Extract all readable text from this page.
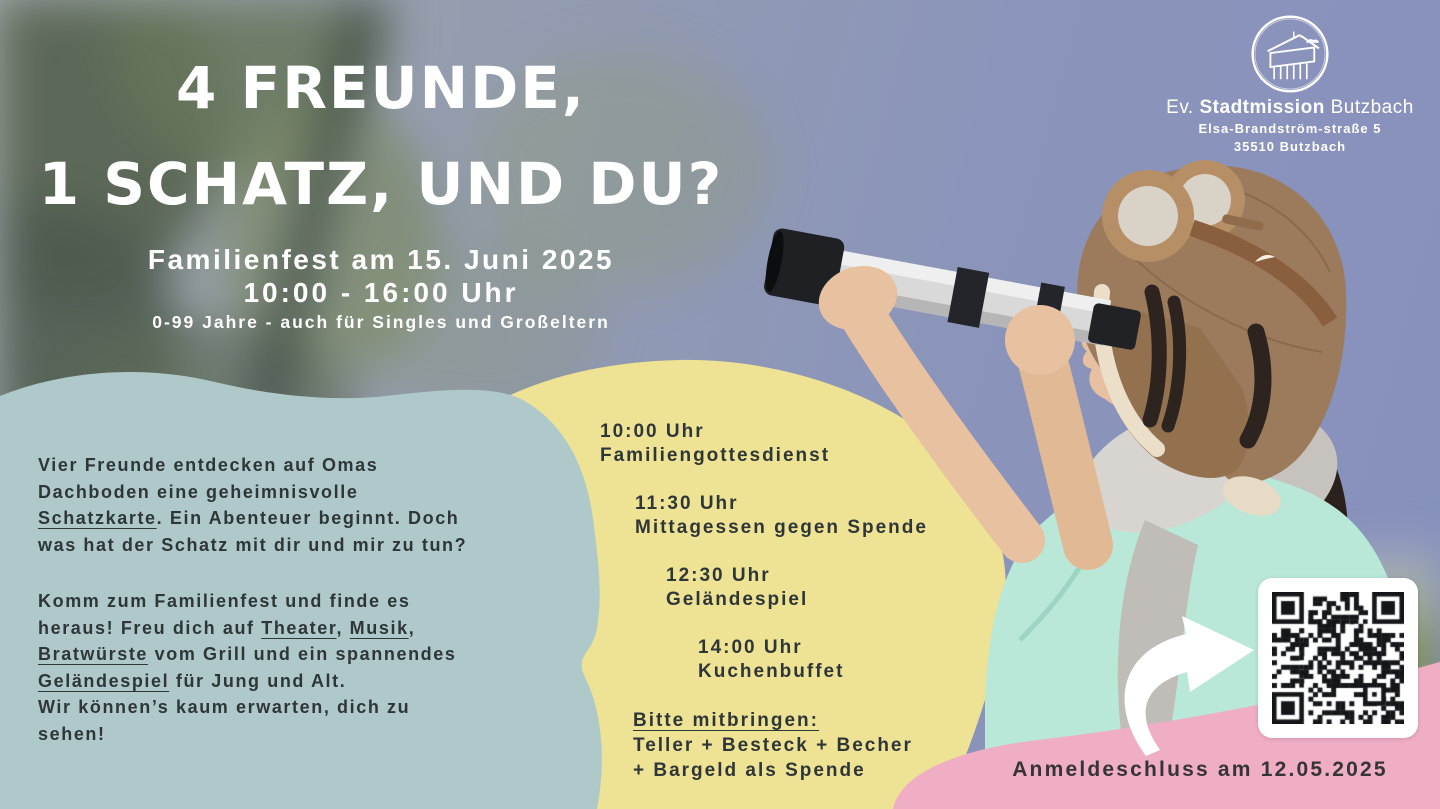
4 FREUNDE,
1 SCHATZ, UND DU?
Familienfest am 15. Juni 2025
10:00 - 16:00 Uhr
0-99 Jahre - auch für Singles und Großeltern
Ev. Stadtmission Butzbach
Elsa-Brandström-straße 5
35510 Butzbach
Vier Freunde entdecken auf Omas
Dachboden eine geheimnisvolle
Schatzkarte. Ein Abenteuer beginnt. Doch
was hat der Schatz mit dir und mir zu tun?
Komm zum Familienfest und finde es
heraus! Freu dich auf Theater, Musik,
Bratwürste vom Grill und ein spannendes
Geländespiel für Jung und Alt.
Wir können’s kaum erwarten, dich zu
sehen!
10:00 Uhr
Familiengottesdienst
11:30 Uhr
Mittagessen gegen Spende
12:30 Uhr
Geländespiel
14:00 Uhr
Kuchenbuffet
Bitte mitbringen:
Teller + Besteck + Becher
+ Bargeld als Spende	Anmeldeschluss am 12.05.2025
